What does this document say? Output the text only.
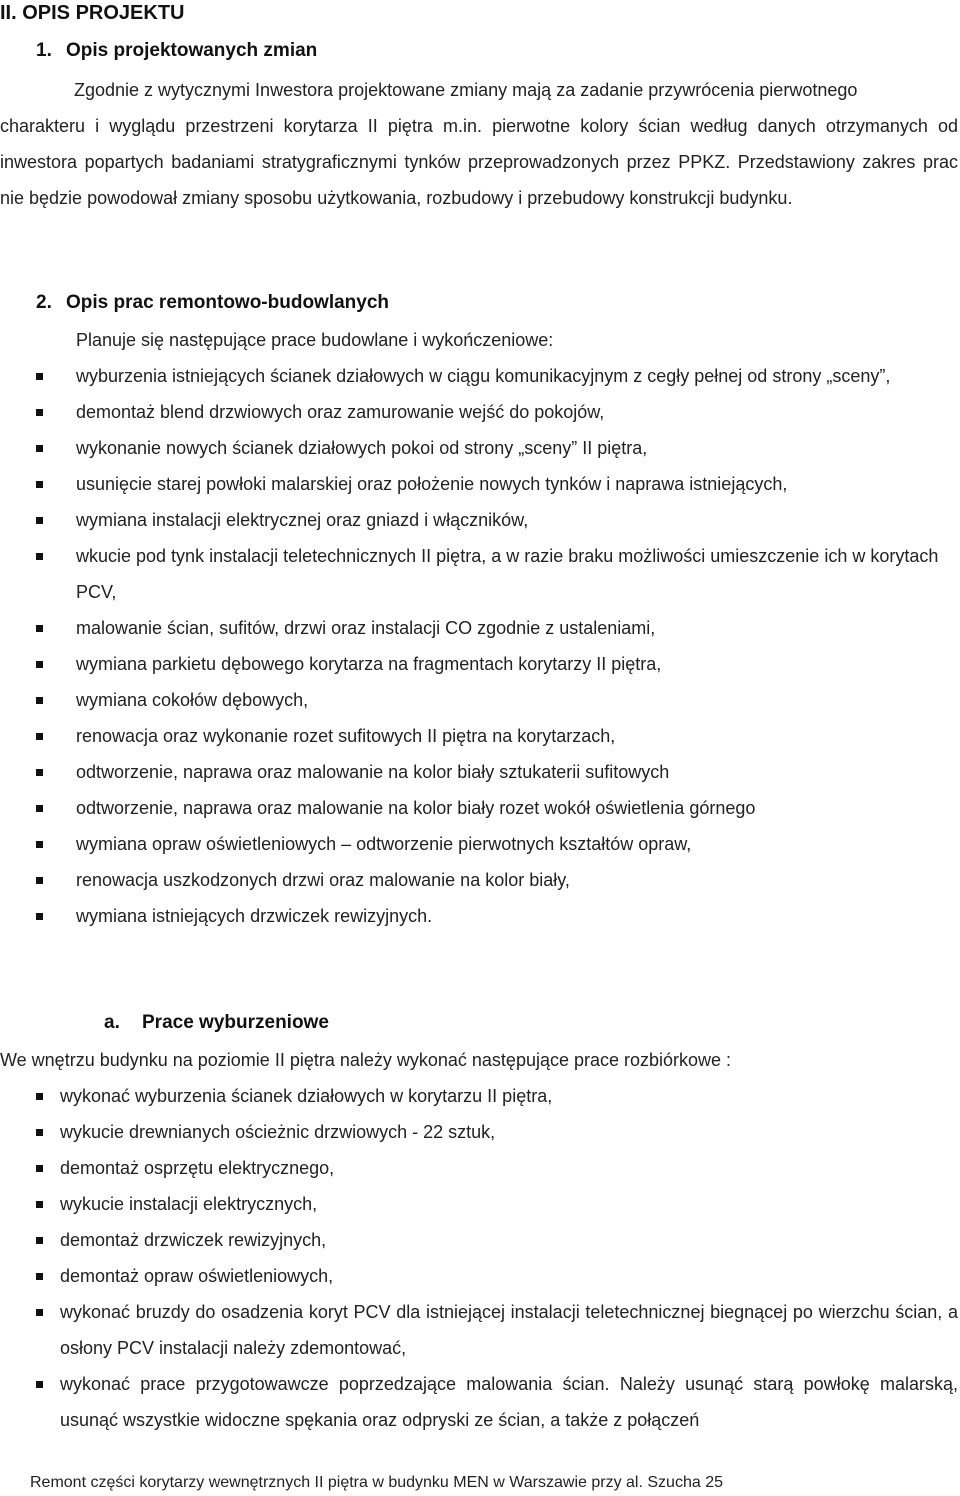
II. OPIS PROJEKTU
1. Opis projektowanych zmian
Zgodnie z wytycznymi Inwestora projektowane zmiany mają za zadanie przywrócenia pierwotnego

charakteru i wyglądu przestrzeni korytarza II piętra m.in. pierwotne kolory ścian według danych otrzymanych od inwestora popartych badaniami stratygraficznymi tynków przeprowadzonych przez PPKZ. Przedstawiony zakres prac nie będzie powodował zmiany sposobu użytkowania, rozbudowy i przebudowy konstrukcji budynku.

2. Opis prac remontowo-budowlanych
Planuje się następujące prace budowlane i wykończeniowe:
wyburzenia istniejących ścianek działowych w ciągu komunikacyjnym z cegły pełnej od strony „sceny”,
demontaż blend drzwiowych oraz zamurowanie wejść do pokojów,
wykonanie nowych ścianek działowych pokoi od strony „sceny” II piętra,
usunięcie starej powłoki malarskiej oraz położenie nowych tynków i naprawa istniejących,
wymiana instalacji elektrycznej oraz gniazd i włączników,
wkucie pod tynk instalacji teletechnicznych II piętra, a w razie braku możliwości umieszczenie ich w korytach PCV,
malowanie ścian, sufitów, drzwi oraz instalacji CO zgodnie z ustaleniami,
wymiana parkietu dębowego korytarza na fragmentach korytarzy II piętra,
wymiana cokołów dębowych,
renowacja oraz wykonanie rozet sufitowych II piętra na korytarzach,
odtworzenie, naprawa oraz malowanie na kolor biały sztukaterii sufitowych
odtworzenie, naprawa oraz malowanie na kolor biały rozet wokół oświetlenia górnego
wymiana opraw oświetleniowych – odtworzenie pierwotnych kształtów opraw,
renowacja uszkodzonych drzwi oraz malowanie na kolor biały,
wymiana istniejących drzwiczek rewizyjnych.
a. Prace wyburzeniowe
We wnętrzu budynku na poziomie II piętra należy wykonać następujące prace rozbiórkowe :
wykonać wyburzenia ścianek działowych w korytarzu II piętra,
wykucie drewnianych ościeżnic drzwiowych - 22 sztuk,
demontaż osprzętu elektrycznego,
wykucie instalacji elektrycznych,
demontaż drzwiczek rewizyjnych,
demontaż opraw oświetleniowych,
wykonać bruzdy do osadzenia koryt PCV dla istniejącej instalacji teletechnicznej biegnącej po wierzchu ścian, a osłony PCV instalacji należy zdemontować,
wykonać prace przygotowawcze poprzedzające malowania ścian. Należy usunąć starą powłokę malarską, usunąć wszystkie widoczne spękania oraz odpryski ze ścian, a także z połączeń
Remont części korytarzy wewnętrznych II piętra w budynku MEN w Warszawie przy al. Szucha 25
